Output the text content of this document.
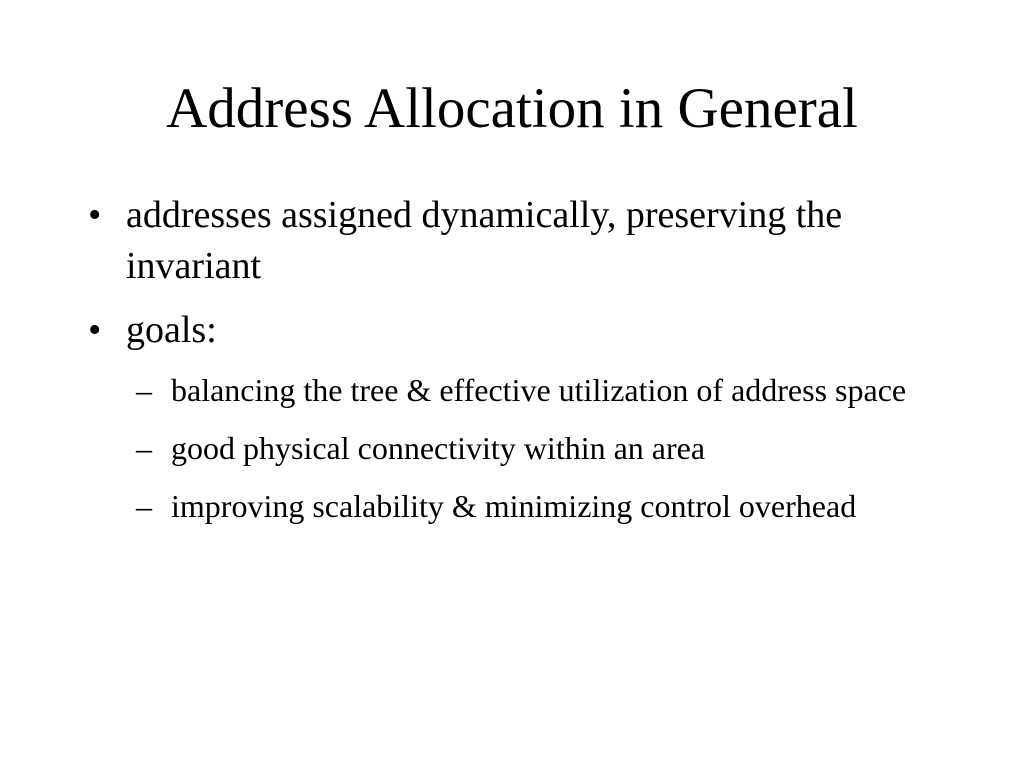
Address Allocation in General
• addresses assigned dynamically, preserving the invariant
• goals:
– balancing the tree & effective utilization of address space
– good physical connectivity within an area
– improving scalability & minimizing control overhead
